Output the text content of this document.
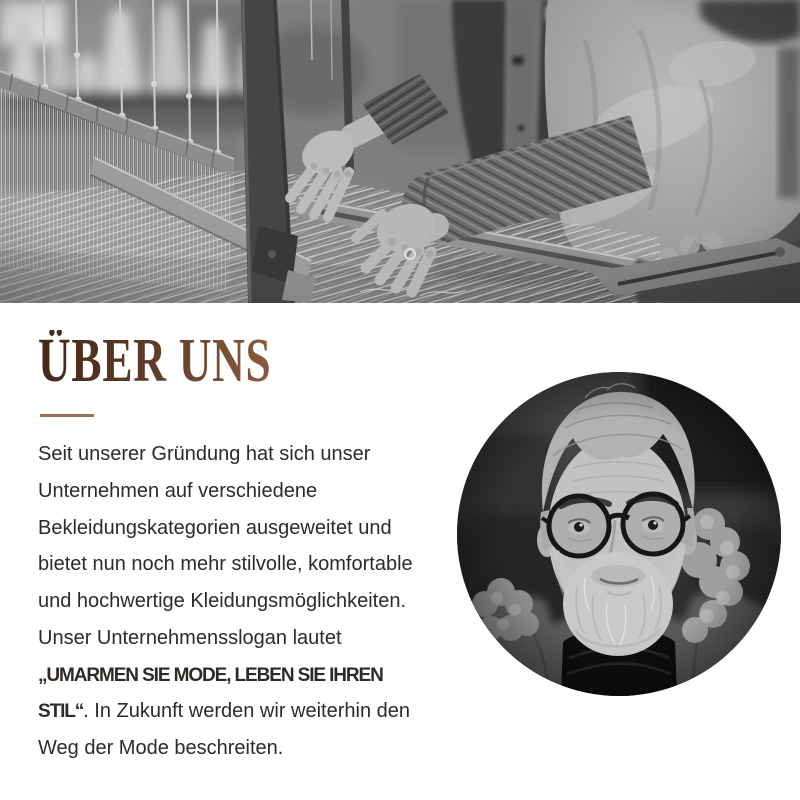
ÜBER UNS
Seit unserer Gründung hat sich unser
Unternehmen auf verschiedene
Bekleidungskategorien ausgeweitet und
bietet nun noch mehr stilvolle, komfortable
und hochwertige Kleidungsmöglichkeiten.
Unser Unternehmensslogan lautet
„UMARMEN SIE MODE, LEBEN SIE IHREN
STIL“. In Zukunft werden wir weiterhin den
Weg der Mode beschreiten.
